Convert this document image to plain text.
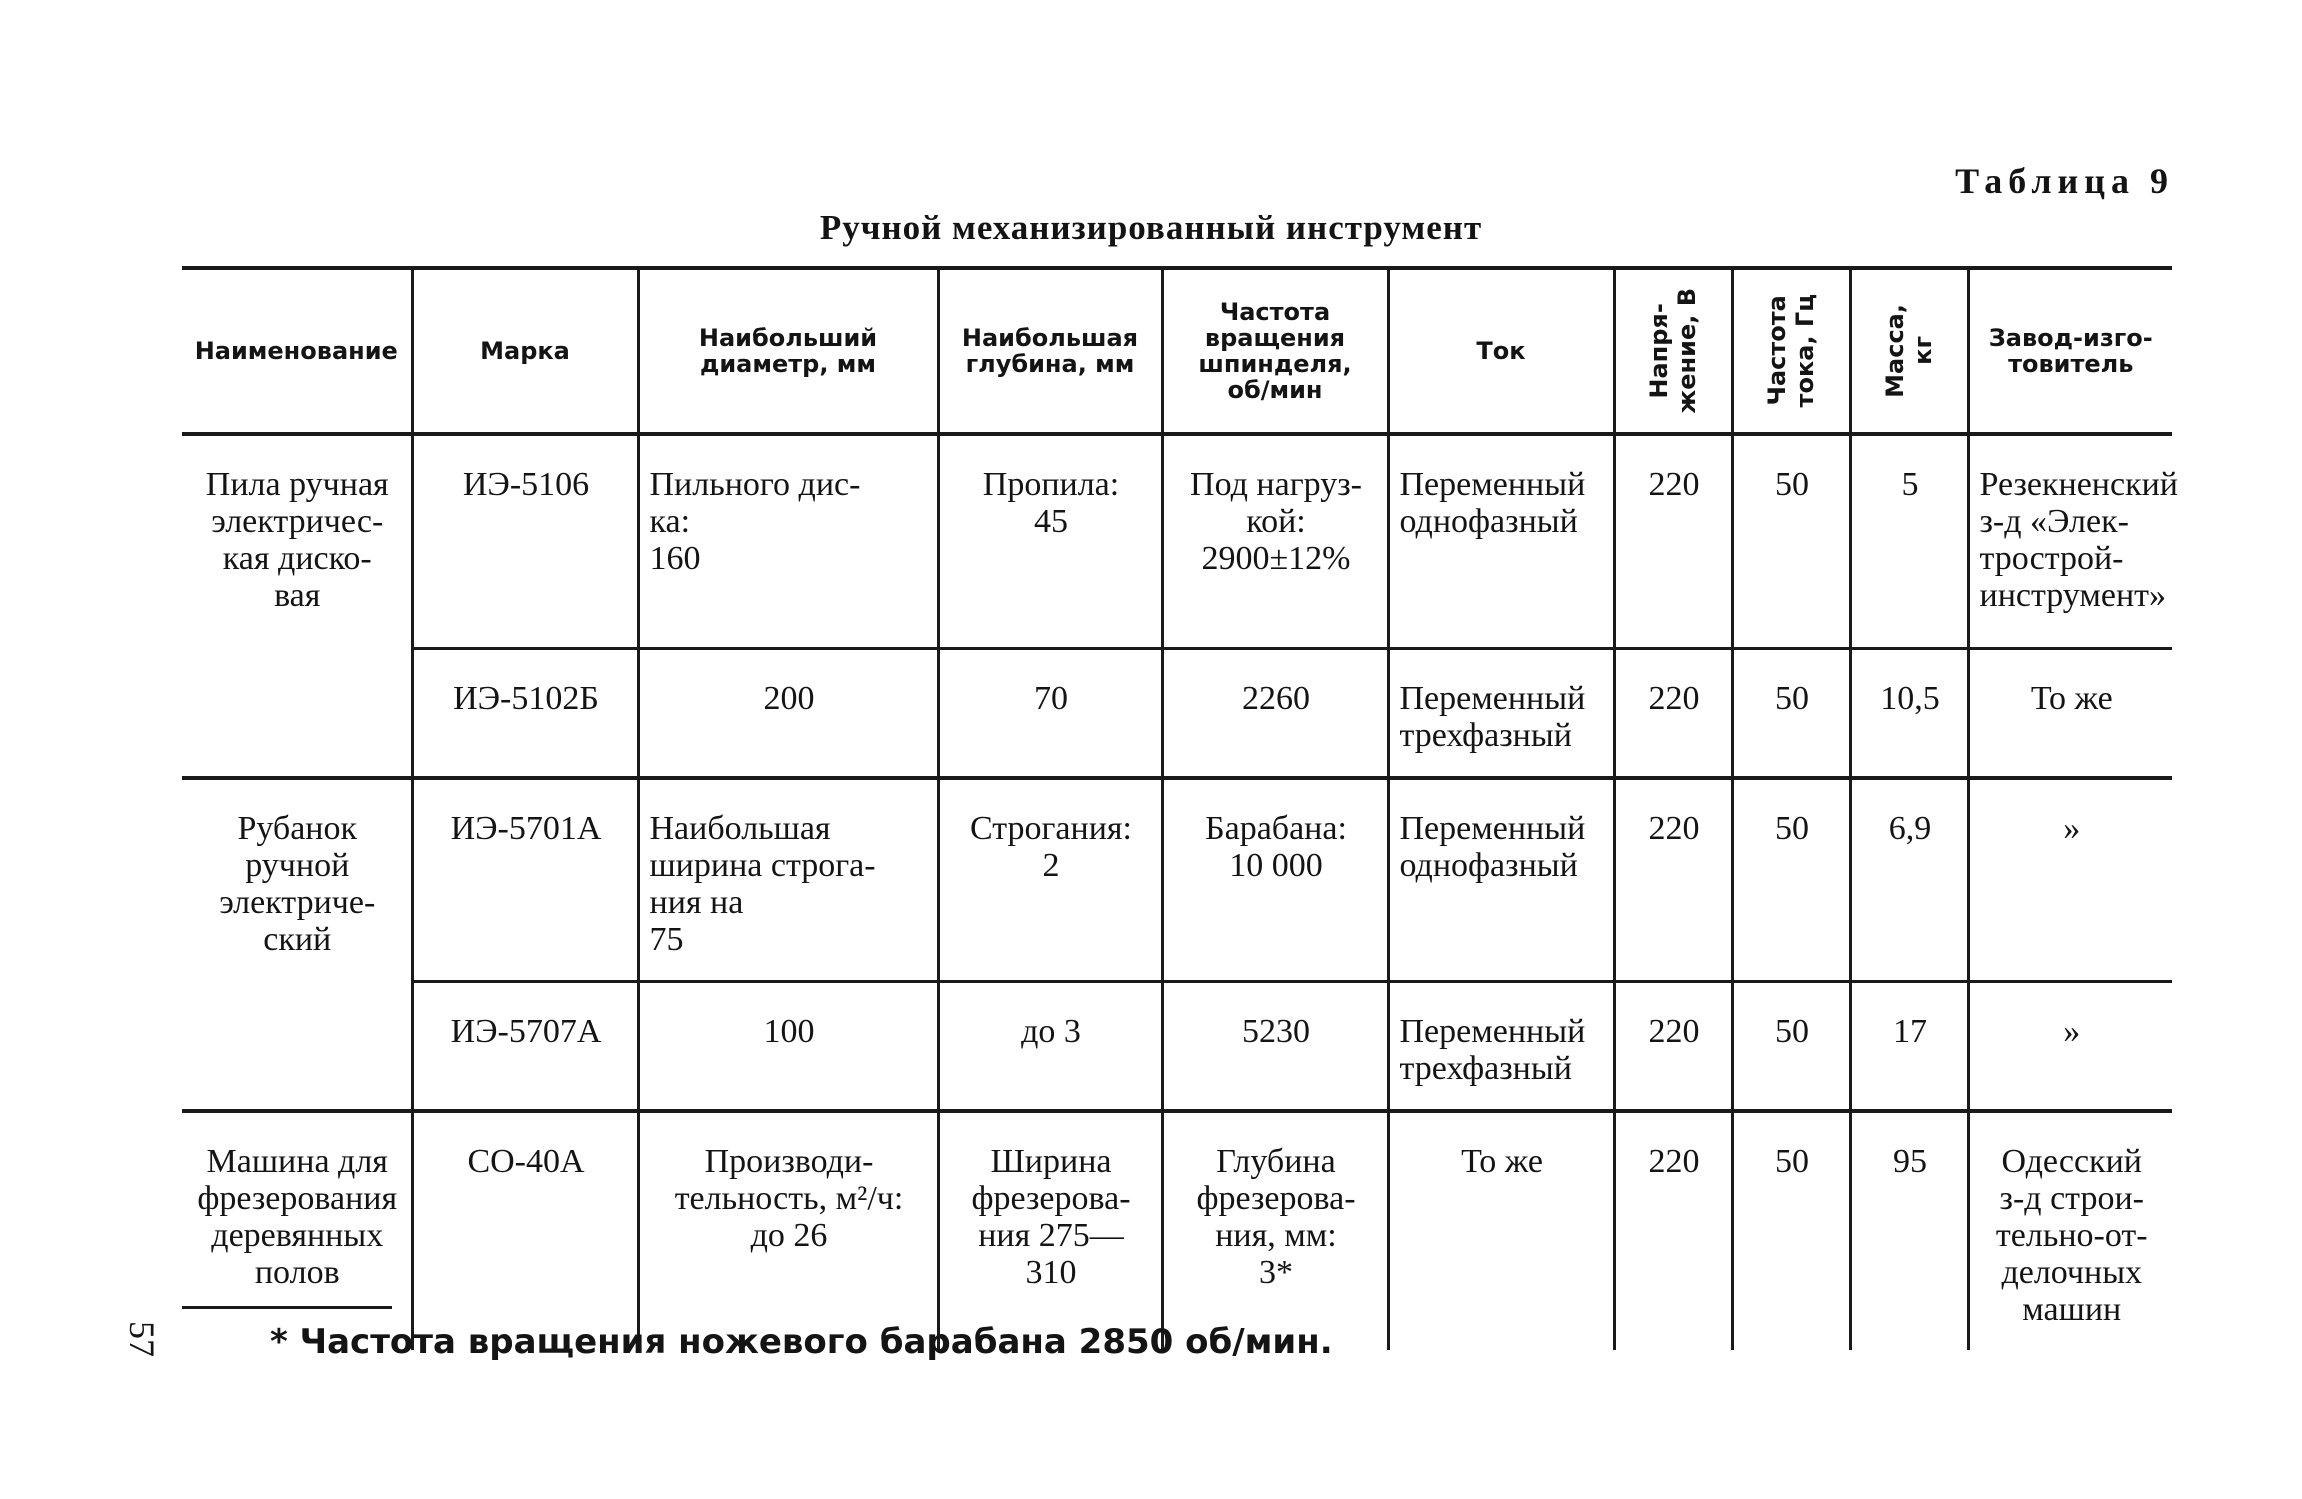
Таблица 9
Ручной механизированный инструмент
Наименование	Марка	Наибольший
диаметр, мм	Наибольшая
глубина, мм	Частота
вращения
шпинделя,
об/мин	Ток	Напря-
жение, В	Частота
тока, Гц	Масса,
кг	Завод-изго-
товитель

Пила ручная
электричес-
кая диско-
вая	ИЭ-5106	Пильного дис-
ка:
160	Пропила:
45	Под нагруз-
кой:
2900±12%	Переменный
однофазный	220	50	5	Резекненский
з-д «Элек-
трострой-
инструмент»

	ИЭ-5102Б	200	70	2260	Переменный
трехфазный	220	50	10,5	То же

Рубанок
ручной
электриче-
ский	ИЭ-5701А	Наибольшая
ширина строга-
ния на
75	Строгания:
2	Барабана:
10 000	Переменный
однофазный	220	50	6,9	»
	ИЭ-5707А	100	до 3	5230	Переменный
трехфазный	220	50	17	»

Машина для
фрезерования
деревянных
полов	СО-40А	Производи-
тельность, м²/ч:
до 26	Ширина
фрезерова-
ния 275—
310	Глубина
фрезерова-
ния, мм:
3*	То же	220	50	95	Одесский
з-д строи-
тельно-от-
делочных
машин
57	* Частота вращения ножевого барабана 2850 об/мин.
